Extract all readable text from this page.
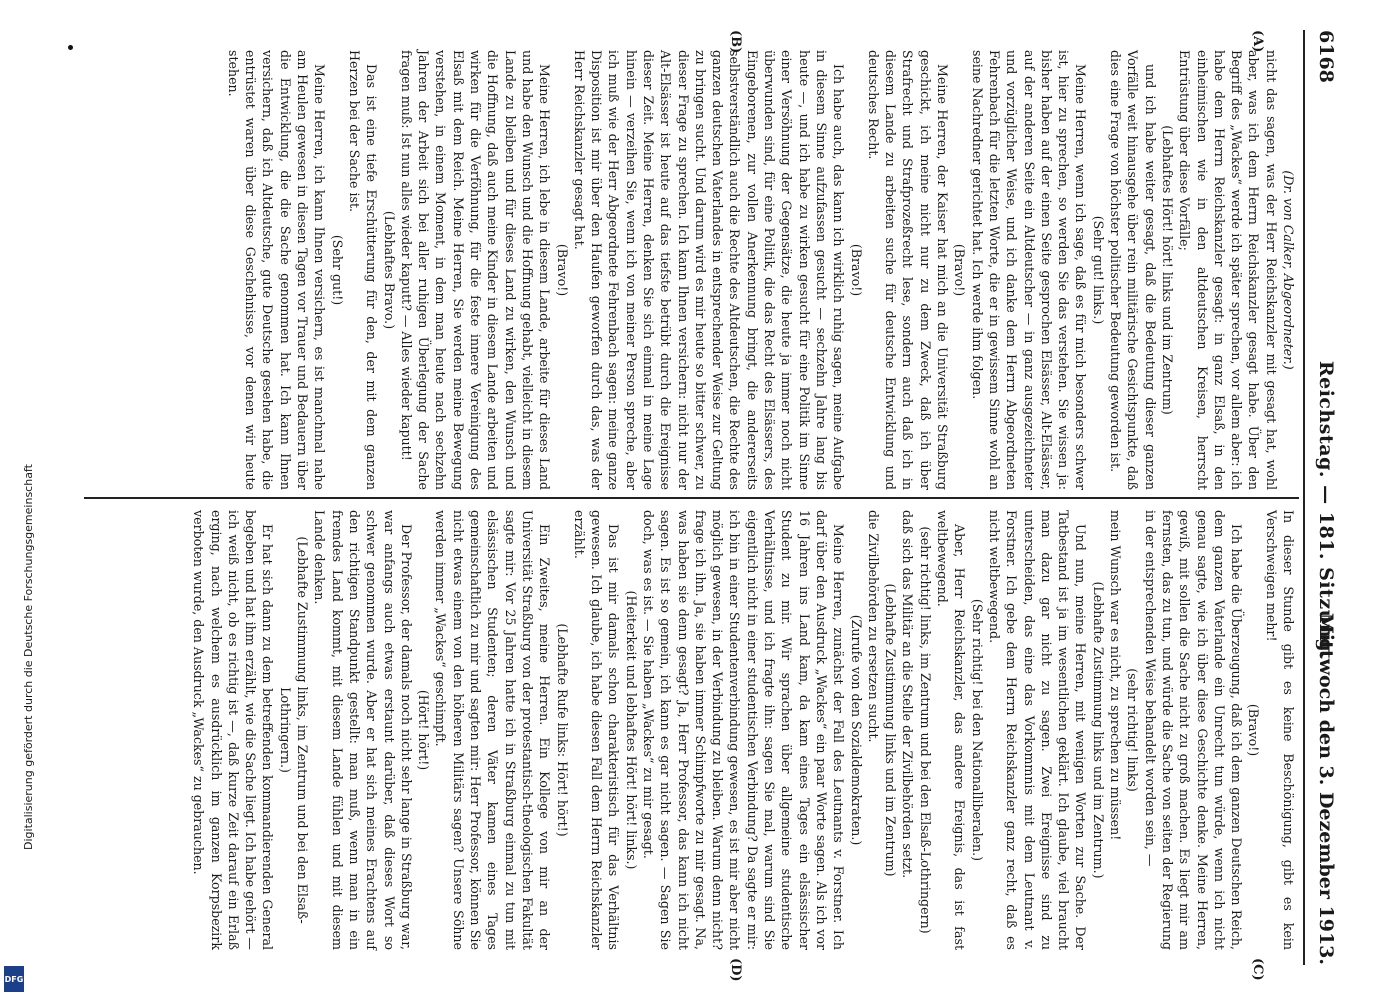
6168
Reichstag. — 181. Sitzung.
Mittwoch den 3. Dezember 1913.
(A)
(B)
(C)
(D)

(Dr. von Calker, Abgeordneter.)

nicht das sagen, was der Herr Reichskanzler mit gesagt hat, wohl aber, was ich dem Herrn Reichskanzler gesagt habe. Über den Begriff des „Wackes“ werde ich später sprechen, vor allem aber: ich habe dem Herrn Reichskanzler gesagt: in ganz Elsaß, in den einheimischen wie in den altdeutschen Kreisen, herrscht Entrüstung über diese Vorfälle;

(Lebhaftes Hört! hört! links und im Zentrum)

und ich habe weiter gesagt, daß die Bedeutung dieser ganzen Vorfälle weit hinausgehe über rein militärische Gesichtspunkte, daß dies eine Frage von höchster politischer Bedeutung geworden ist.

(Sehr gut! links.)

Meine Herren, wenn ich sage, daß es für mich besonders schwer ist, hier zu sprechen, so werden Sie das verstehen. Sie wissen ja: bisher haben auf der einen Seite gesprochen Elsässer, Alt-Elsässer, auf der anderen Seite ein Altdeutscher — in ganz ausgezeichneter und vorzüglicher Weise, und ich danke dem Herrn Abgeordneten Fehrenbach für die letzten Worte, die er in gewissem Sinne wohl an seine Nachredner gerichtet hat. Ich werde ihm folgen.

(Bravo!)

Meine Herren, der Kaiser hat mich an die Universität Straßburg geschickt, ich meine nicht nur zu dem Zweck, daß ich über Strafrecht und Strafprozeßrecht lese, sondern auch daß ich in diesem Lande zu arbeiten suche für deutsche Entwicklung und deutsches Recht.

(Bravo!)

Ich habe auch, das kann ich wirklich ruhig sagen, meine Aufgabe in diesem Sinne aufzufassen gesucht — sechzehn Jahre lang bis heute —, und ich habe zu wirken gesucht für eine Politik im Sinne einer Versöhnung der Gegensätze, die heute ja immer noch nicht überwunden sind, für eine Politik, die das Recht des Elsässers, des Eingeborenen, zur vollen Anerkennung bringt, die andererseits selbstverständlich auch die Rechte des Altdeutschen, die Rechte des ganzen deutschen Vaterlandes in entsprechender Weise zur Geltung zu bringen sucht. Und darum wird es mir heute so bitter schwer, zu dieser Frage zu sprechen. Ich kann Ihnen versichern: nicht nur der Alt-Elsässer ist heute auf das tiefste betrübt durch die Ereignisse dieser Zeit. Meine Herren, denken Sie sich einmal in meine Lage hinein — verzeihen Sie, wenn ich von meiner Person spreche, aber ich muß wie der Herr Abgeordnete Fehrenbach sagen: meine ganze Disposition ist mir über den Haufen geworfen durch das, was der Herr Reichskanzler gesagt hat.

(Bravo!)

Meine Herren, ich lebe in diesem Lande, arbeite für dieses Land und habe den Wunsch und die Hoffnung gehabt, vielleicht in diesem Lande zu bleiben und für dieses Land zu wirken, den Wunsch und die Hoffnung, daß auch meine Kinder in diesem Lande arbeiten und wirken für die Verföhnung, für die feste innere Vereinigung des Elsaß mit dem Reich. Meine Herren, Sie werden meine Bewegung verstehen, in einem Moment, in dem man heute nach sechzehn Jahren der Arbeit sich bei aller ruhigen Überlegung der Sache fragen muß: Ist nun alles wieder kaputt? — Alles wieder kaputt!

(Lebhaftes Bravo.)

Das ist eine tiefe Erschütterung für den, der mit dem ganzen Herzen bei der Sache ist.

(Sehr gut!)

Meine Herren, ich kann Ihnen versichern, es ist manchmal nahe am Heulen gewesen in diesen Tagen vor Trauer und Bedauern über die Entwicklung, die die Sache genommen hat. Ich kann Ihnen versichern, daß ich Altdeutsche, gute Deutsche gesehen habe, die entrüstet waren über diese Geschehnisse, vor denen wir heute stehen.

In dieser Stunde gibt es keine Beschönigung, gibt es kein Verschweigen mehr!

(Bravo!)

Ich habe die Überzeugung, daß ich dem ganzen Deutschen Reich, dem ganzen Vaterlande ein Unrecht tun würde, wenn ich nicht genau sagte, wie ich über diese Geschichte denke. Meine Herren, gewiß, mit sollen die Sache nicht zu groß machen. Es liegt mir am fernsten, das zu tun, und würde die Sache von seiten der Regierung in der entsprechenden Weise behandelt worden sein, —

(sehr richtig! links)

mein Wunsch war es nicht, zu sprechen zu müssen!

(Lebhafte Zustimmung links und im Zentrum.)

Und nun, meine Herren, mit wenigen Worten zur Sache. Der Tatbestand ist ja im wesentlichen geklärt. Ich glaube, viel braucht man dazu gar nicht zu sagen. Zwei Ereignisse sind zu unterscheiden, das eine das Vorkommnis mit dem Leutnant v. Forstner. Ich gebe dem Herrn Reichskanzler ganz recht, daß es nicht weltbewegend.

(Sehr richtig! bei den Nationalliberalen.)

Aber, Herr Reichskanzler, das andere Ereignis, das ist fast weltbewegend.

(sehr richtig! links, im Zentrum und bei den Elsaß-Lothringern)

daß sich das Militär an die Stelle der Zivilbehörden setzt.

(Lebhafte Zustimmung links und im Zentrum)

die Zivilbehörden zu ersetzen sucht.

(Zurufe von den Sozialdemokraten.)

Meine Herren, zunächst der Fall des Leutnants v. Forstner. Ich darf über den Ausdruck „Wackes“ ein paar Worte sagen. Als ich vor 16 Jahren ins Land kam, da kam eines Tages ein elsässischer Student zu mir. Wir sprachen über allgemeine studentische Verhältnisse, und ich fragte ihn: sagen Sie mal, warum sind Sie eigentlich nicht in einer studentischen Verbindung? Da sagte er mir: ich bin in einer Studentenverbindung gewesen, es ist mir aber nicht möglich gewesen, in der Verbindung zu bleiben. Warum denn nicht? frage ich ihn. Ja, sie haben immer Schimpfworte zu mir gesagt. Na, was haben sie denn gesagt? Ja, Herr Professor, das kann ich nicht sagen. Es ist so gemein, ich kann es gar nicht sagen. — Sagen Sie doch, was es ist. — Sie haben „Wackes“ zu mir gesagt.

(Heiterkeit und lebhaftes Hört! hört! links.)

Das ist mir damals schon charakteristisch für das Verhältnis gewesen. Ich glaube, ich habe diesen Fall dem Herrn Reichskanzler erzählt.

(Lebhafte Rufe links: Hört! hört!)

Ein Zweites, meine Herren. Ein Kollege von mir an der Universität Straßburg von der protestantisch-theologischen Fakultät sagte mir: Vor 25 Jahren hatte ich in Straßburg einmal zu tun mit elsässischen Studenten; deren Väter kamen eines Tages gemeinschaftlich zu mir und sagten mir: Herr Professor, können Sie nicht etwas einem von den höheren Militärs sagen? Unsere Söhne werden immer „Wackes“ geschimpft.

(Hört! hört!)

Der Professor, der damals noch nicht sehr lange in Straßburg war, war anfangs auch etwas erstaunt darüber, daß dieses Wort so schwer genommen wurde. Aber er hat sich meines Erachtens auf den richtigen Standpunkt gestellt: man muß, wenn man in ein fremdes Land kommt, mit diesem Lande fühlen und mit diesem Lande denken.

(Lebhafte Zustimmung links, im Zentrum und bei den Elsaß-Lothringern.)

Er hat sich dann zu dem betreffenden kommandierenden General begeben und hat ihm erzählt, wie die Sache liegt. Ich habe gehört — ich weiß nicht, ob es richtig ist —, daß kurze Zeit darauf ein Erlaß erging, nach welchem es ausdrücklich im ganzen Korpsbezirk verboten wurde, den Ausdruck „Wackes“ zu gebrauchen.

Digitalisierung gefördert durch die Deutsche Forschungsgemeinschaft
DFG
